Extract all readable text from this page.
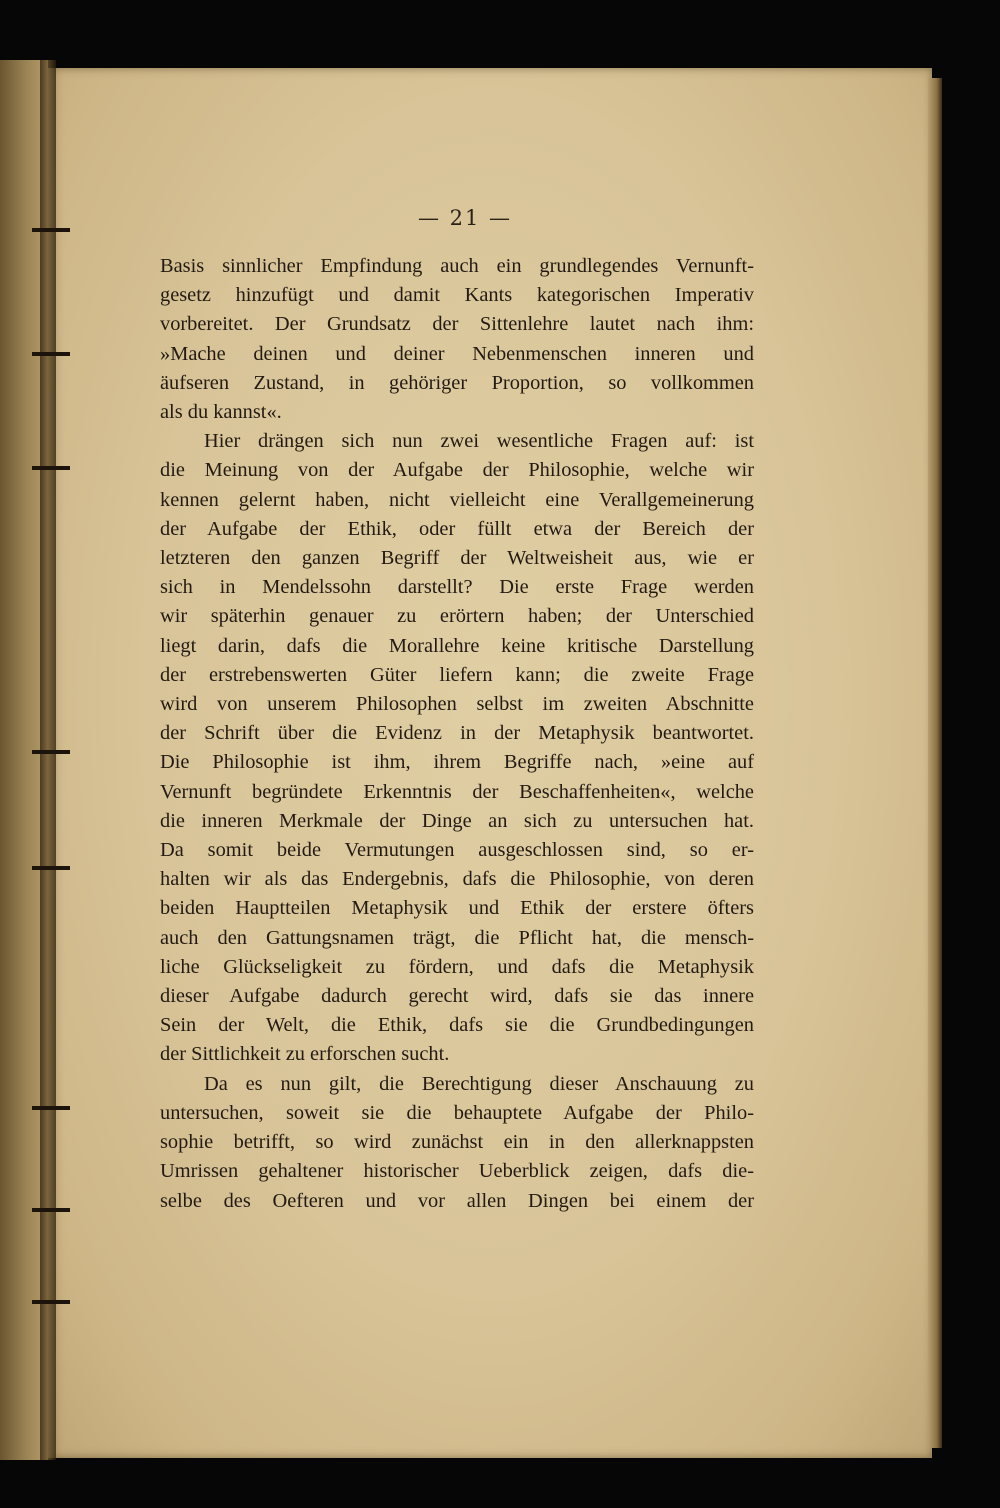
— 21 —

Basis sinnlicher Empfindung auch ein grundlegendes Vernunft-
gesetz hinzufügt und damit Kants kategorischen Imperativ
vorbereitet. Der Grundsatz der Sittenlehre lautet nach ihm:
»Mache deinen und deiner Nebenmenschen inneren und
äufseren Zustand, in gehöriger Proportion, so vollkommen
als du kannst«.

Hier drängen sich nun zwei wesentliche Fragen auf: ist
die Meinung von der Aufgabe der Philosophie, welche wir
kennen gelernt haben, nicht vielleicht eine Verallgemeinerung
der Aufgabe der Ethik, oder füllt etwa der Bereich der
letzteren den ganzen Begriff der Weltweisheit aus, wie er
sich in Mendelssohn darstellt? Die erste Frage werden
wir späterhin genauer zu erörtern haben; der Unterschied
liegt darin, dafs die Morallehre keine kritische Darstellung
der erstrebenswerten Güter liefern kann; die zweite Frage
wird von unserem Philosophen selbst im zweiten Abschnitte
der Schrift über die Evidenz in der Metaphysik beantwortet.
Die Philosophie ist ihm, ihrem Begriffe nach, »eine auf
Vernunft begründete Erkenntnis der Beschaffenheiten«, welche
die inneren Merkmale der Dinge an sich zu untersuchen hat.
Da somit beide Vermutungen ausgeschlossen sind, so er-
halten wir als das Endergebnis, dafs die Philosophie, von deren
beiden Hauptteilen Metaphysik und Ethik der erstere öfters
auch den Gattungsnamen trägt, die Pflicht hat, die mensch-
liche Glückseligkeit zu fördern, und dafs die Metaphysik
dieser Aufgabe dadurch gerecht wird, dafs sie das innere
Sein der Welt, die Ethik, dafs sie die Grundbedingungen
der Sittlichkeit zu erforschen sucht.

Da es nun gilt, die Berechtigung dieser Anschauung zu
untersuchen, soweit sie die behauptete Aufgabe der Philo-
sophie betrifft, so wird zunächst ein in den allerknappsten
Umrissen gehaltener historischer Ueberblick zeigen, dafs die-
selbe des Oefteren und vor allen Dingen bei einem der
